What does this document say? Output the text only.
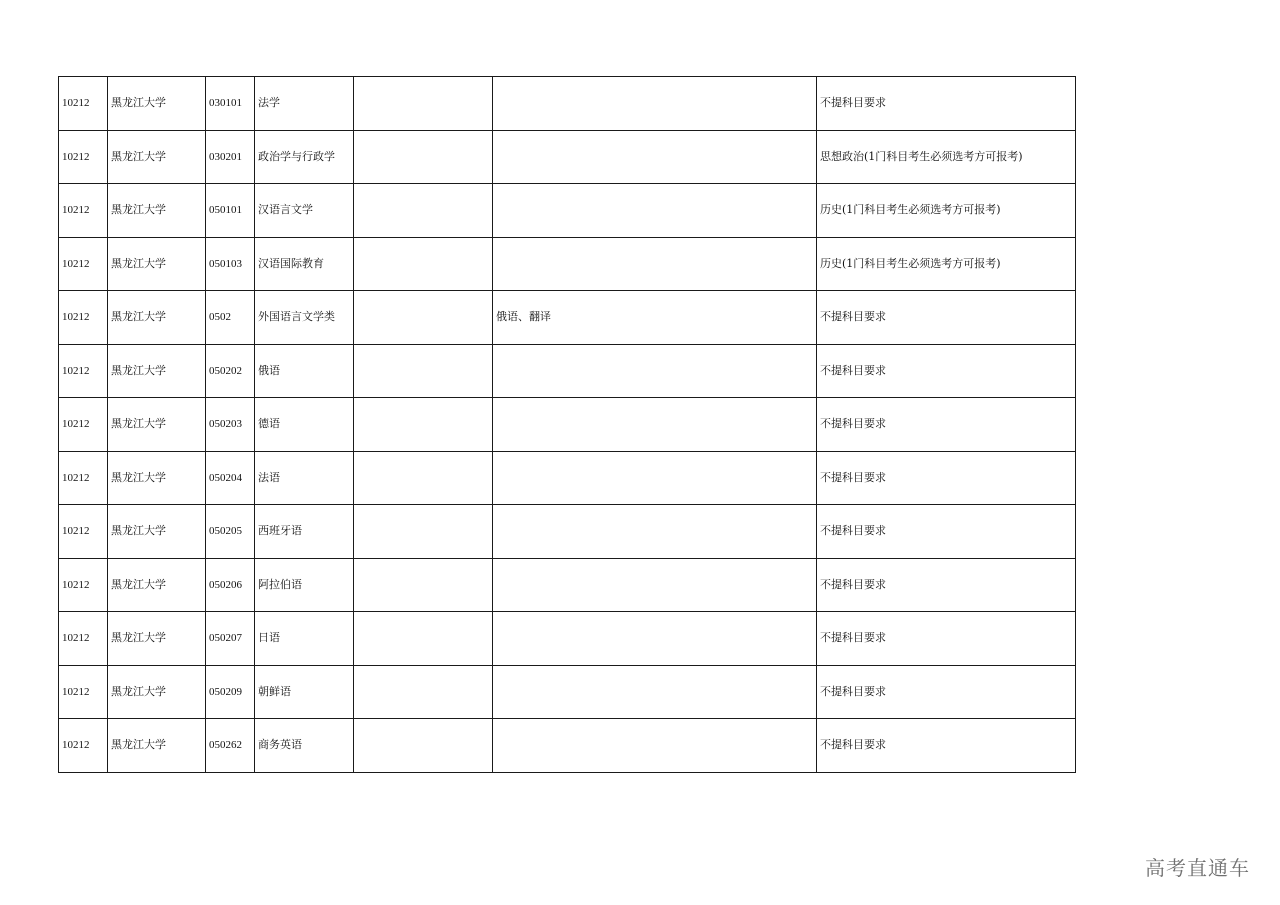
10212	黑龙江大学	030101	法学			不提科目要求
10212	黑龙江大学	030201	政治学与行政学			思想政治(1门科目考生必须选考方可报考)
10212	黑龙江大学	050101	汉语言文学			历史(1门科目考生必须选考方可报考)
10212	黑龙江大学	050103	汉语国际教育			历史(1门科目考生必须选考方可报考)
10212	黑龙江大学	0502	外国语言文学类		俄语、翻译	不提科目要求
10212	黑龙江大学	050202	俄语			不提科目要求
10212	黑龙江大学	050203	德语			不提科目要求
10212	黑龙江大学	050204	法语			不提科目要求
10212	黑龙江大学	050205	西班牙语			不提科目要求
10212	黑龙江大学	050206	阿拉伯语			不提科目要求
10212	黑龙江大学	050207	日语			不提科目要求
10212	黑龙江大学	050209	朝鲜语			不提科目要求
10212	黑龙江大学	050262	商务英语			不提科目要求
高考直通车
